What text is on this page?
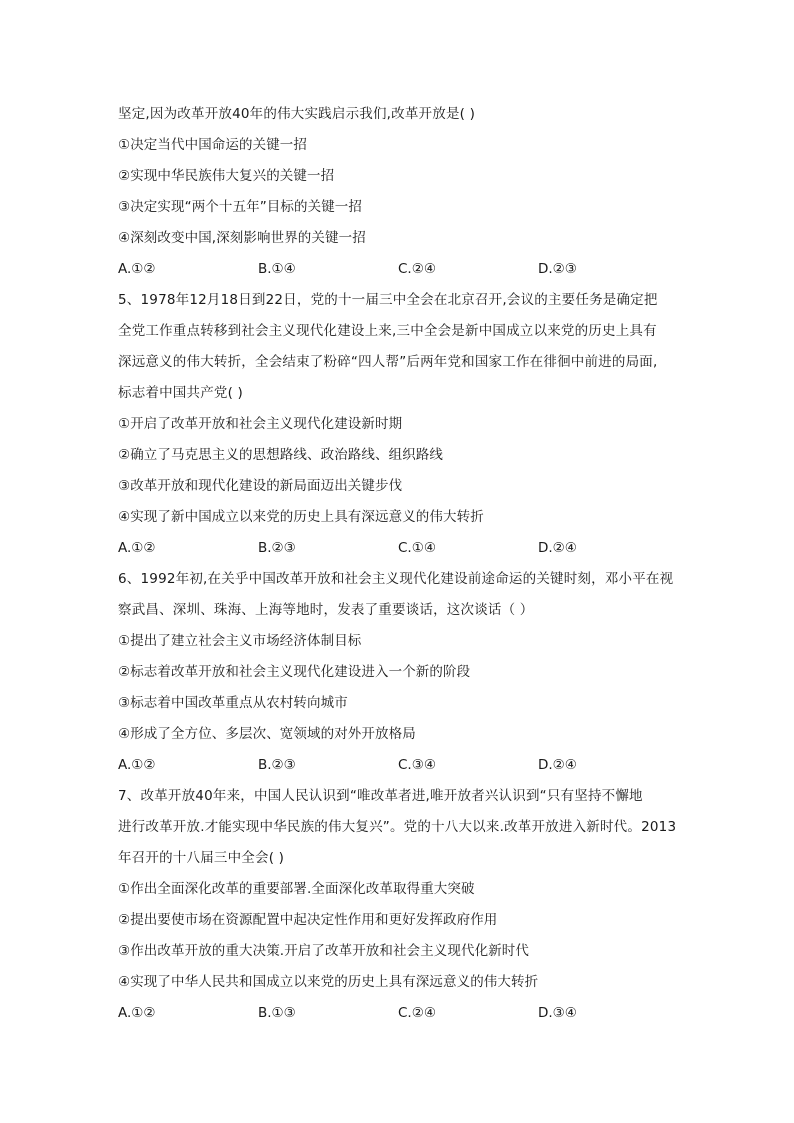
坚定,因为改革开放40年的伟大实践启示我们,改革开放是( )
①决定当代中国命运的关键一招
②实现中华民族伟大复兴的关键一招
③决定实现“两个十五年”目标的关键一招
④深刻改变中国,深刻影响世界的关键一招
A.①②	B.①④	C.②④	D.②③
5、1978年12月18日到22日，党的十一届三中全会在北京召开,会议的主要任务是确定把
全党工作重点转移到社会主义现代化建设上来,三中全会是新中国成立以来党的历史上具有
深远意义的伟大转折，全会结束了粉碎“四人帮”后两年党和国家工作在徘徊中前进的局面,
标志着中国共产党( )
①开启了改革开放和社会主义现代化建设新时期
②确立了马克思主义的思想路线、政治路线、组织路线
③改革开放和现代化建设的新局面迈出关键步伐
④实现了新中国成立以来党的历史上具有深远意义的伟大转折
A.①②	B.②③	C.①④	D.②④
6、1992年初,在关乎中国改革开放和社会主义现代化建设前途命运的关键时刻，邓小平在视
察武昌、深圳、珠海、上海等地时，发表了重要谈话，这次谈话（ ）
①提出了建立社会主义市场经济体制目标
②标志着改革开放和社会主义现代化建设进入一个新的阶段
③标志着中国改革重点从农村转向城市
④形成了全方位、多层次、宽领域的对外开放格局
A.①②	B.②③	C.③④	D.②④
7、改革开放40年来，中国人民认识到“唯改革者进,唯开放者兴认识到“只有坚持不懈地
进行改革开放.才能实现中华民族的伟大复兴”。党的十八大以来.改革开放进入新时代。2013
年召开的十八届三中全会( )
①作出全面深化改革的重要部署.全面深化改革取得重大突破
②提出要使市场在资源配置中起决定性作用和更好发挥政府作用
③作出改革开放的重大决策.开启了改革开放和社会主义现代化新时代
④实现了中华人民共和国成立以来党的历史上具有深远意义的伟大转折
A.①②	B.①③	C.②④	D.③④
